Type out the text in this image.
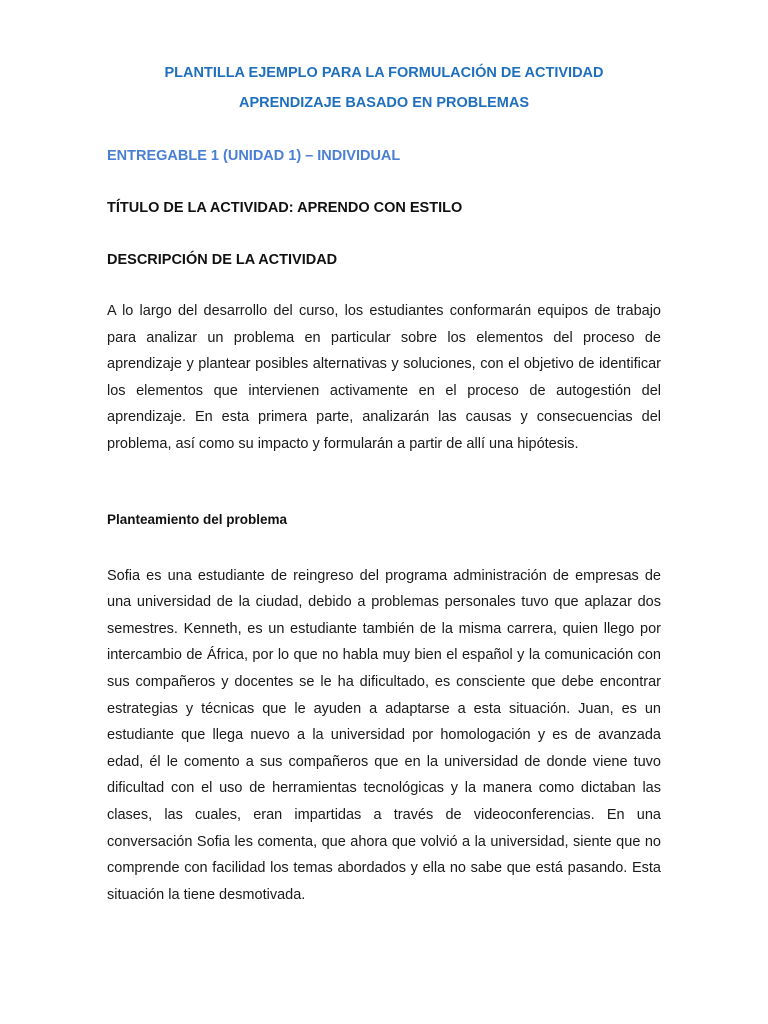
PLANTILLA EJEMPLO PARA LA FORMULACIÓN DE ACTIVIDAD

APRENDIZAJE BASADO EN PROBLEMAS

ENTREGABLE 1 (UNIDAD 1) – INDIVIDUAL

TÍTULO DE LA ACTIVIDAD: APRENDO CON ESTILO

DESCRIPCIÓN DE LA ACTIVIDAD

A lo largo del desarrollo del curso, los estudiantes conformarán equipos de trabajo para analizar un problema en particular sobre los elementos del proceso de aprendizaje y plantear posibles alternativas y soluciones, con el objetivo de identificar los elementos que intervienen activamente en el proceso de autogestión del aprendizaje. En esta primera parte, analizarán las causas y consecuencias del problema, así como su impacto y formularán a partir de allí una hipótesis.

Planteamiento del problema

Sofia es una estudiante de reingreso del programa administración de empresas de una universidad de la ciudad, debido a problemas personales tuvo que aplazar dos semestres. Kenneth, es un estudiante también de la misma carrera, quien llego por intercambio de África, por lo que no habla muy bien el español y la comunicación con sus compañeros y docentes se le ha dificultado, es consciente que debe encontrar estrategias y técnicas que le ayuden a adaptarse a esta situación. Juan, es un estudiante que llega nuevo a la universidad por homologación y es de avanzada edad, él le comento a sus compañeros que en la universidad de donde viene tuvo dificultad con el uso de herramientas tecnológicas y la manera como dictaban las clases, las cuales, eran impartidas a través de videoconferencias. En una conversación Sofia les comenta, que ahora que volvió a la universidad, siente que no comprende con facilidad los temas abordados y ella no sabe que está pasando. Esta situación la tiene desmotivada.
